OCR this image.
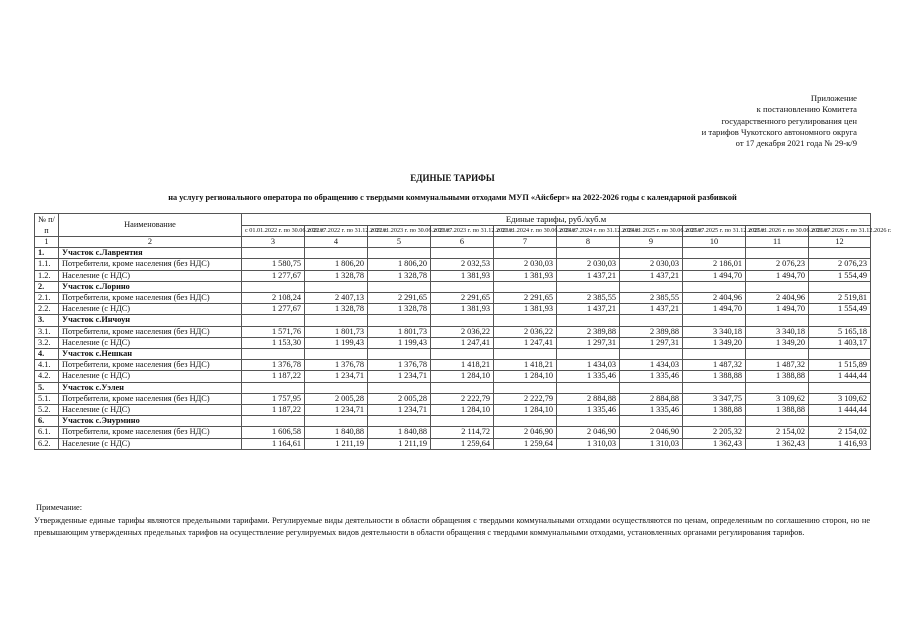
Приложение
к постановлению Комитета
государственного регулирования цен
и тарифов Чукотского автономного округа
от 17 декабря 2021 года № 29-к/9
ЕДИНЫЕ ТАРИФЫ
на услугу регионального оператора по обращению с твердыми коммунальными отходами МУП «Айсберг» на 2022-2026 годы с календарной разбивкой
№ п/п	Наименование	Единые тарифы, руб./куб.м									
		с 01.01.2022 г. по 30.06.2022 г.	с 01.07.2022 г. по 31.12.2022 г.	с 01.01.2023 г. по 30.06.2023 г.	с 01.07.2023 г. по 31.12.2023 г.	с 01.01.2024 г. по 30.06.2024 г.	с 01.07.2024 г. по 31.12.2024 г.	с 01.01.2025 г. по 30.06.2025 г.	с 01.07.2025 г. по 31.12.2025 г.	с 01.01.2026 г. по 30.06.2026 г.	с 01.07.2026 г. по 31.12.2026 г.
1	2	3	4	5	6	7	8	9	10	11	12
1.	Участок с.Лаврентия										
1.1.	Потребители, кроме населения (без НДС)	1 580,75	1 806,20	1 806,20	2 032,53	2 030,03	2 030,03	2 030,03	2 186,01	2 076,23	2 076,23
1.2.	Население (с НДС)	1 277,67	1 328,78	1 328,78	1 381,93	1 381,93	1 437,21	1 437,21	1 494,70	1 494,70	1 554,49
2.	Участок с.Лорино										
2.1.	Потребители, кроме населения (без НДС)	2 108,24	2 407,13	2 291,65	2 291,65	2 291,65	2 385,55	2 385,55	2 404,96	2 404,96	2 519,81
2.2.	Население (с НДС)	1 277,67	1 328,78	1 328,78	1 381,93	1 381,93	1 437,21	1 437,21	1 494,70	1 494,70	1 554,49
3.	Участок с.Инчоун										
3.1.	Потребители, кроме населения (без НДС)	1 571,76	1 801,73	1 801,73	2 036,22	2 036,22	2 389,88	2 389,88	3 340,18	3 340,18	5 165,18
3.2.	Население (с НДС)	1 153,30	1 199,43	1 199,43	1 247,41	1 247,41	1 297,31	1 297,31	1 349,20	1 349,20	1 403,17
4.	Участок с.Нешкан										
4.1.	Потребители, кроме населения (без НДС)	1 376,78	1 376,78	1 376,78	1 418,21	1 418,21	1 434,03	1 434,03	1 487,32	1 487,32	1 515,89
4.2.	Население (с НДС)	1 187,22	1 234,71	1 234,71	1 284,10	1 284,10	1 335,46	1 335,46	1 388,88	1 388,88	1 444,44
5.	Участок с.Уэлен										
5.1.	Потребители, кроме населения (без НДС)	1 757,95	2 005,28	2 005,28	2 222,79	2 222,79	2 884,88	2 884,88	3 347,75	3 109,62	3 109,62
5.2.	Население (с НДС)	1 187,22	1 234,71	1 234,71	1 284,10	1 284,10	1 335,46	1 335,46	1 388,88	1 388,88	1 444,44
6.	Участок с.Энурмино										
6.1.	Потребители, кроме населения (без НДС)	1 606,58	1 840,88	1 840,88	2 114,72	2 046,90	2 046,90	2 046,90	2 205,32	2 154,02	2 154,02
6.2.	Население (с НДС)	1 164,61	1 211,19	1 211,19	1 259,64	1 259,64	1 310,03	1 310,03	1 362,43	1 362,43	1 416,93
Примечание:
Утвержденные единые тарифы являются предельными тарифами. Регулируемые виды деятельности в области обращения с твердыми коммунальными отходами осуществляются по ценам, определенным по соглашению сторон, но не превышающим утвержденных предельных тарифов на осуществление регулируемых видов деятельности в области обращения с твердыми коммунальными отходами, установленных органами регулирования тарифов.
